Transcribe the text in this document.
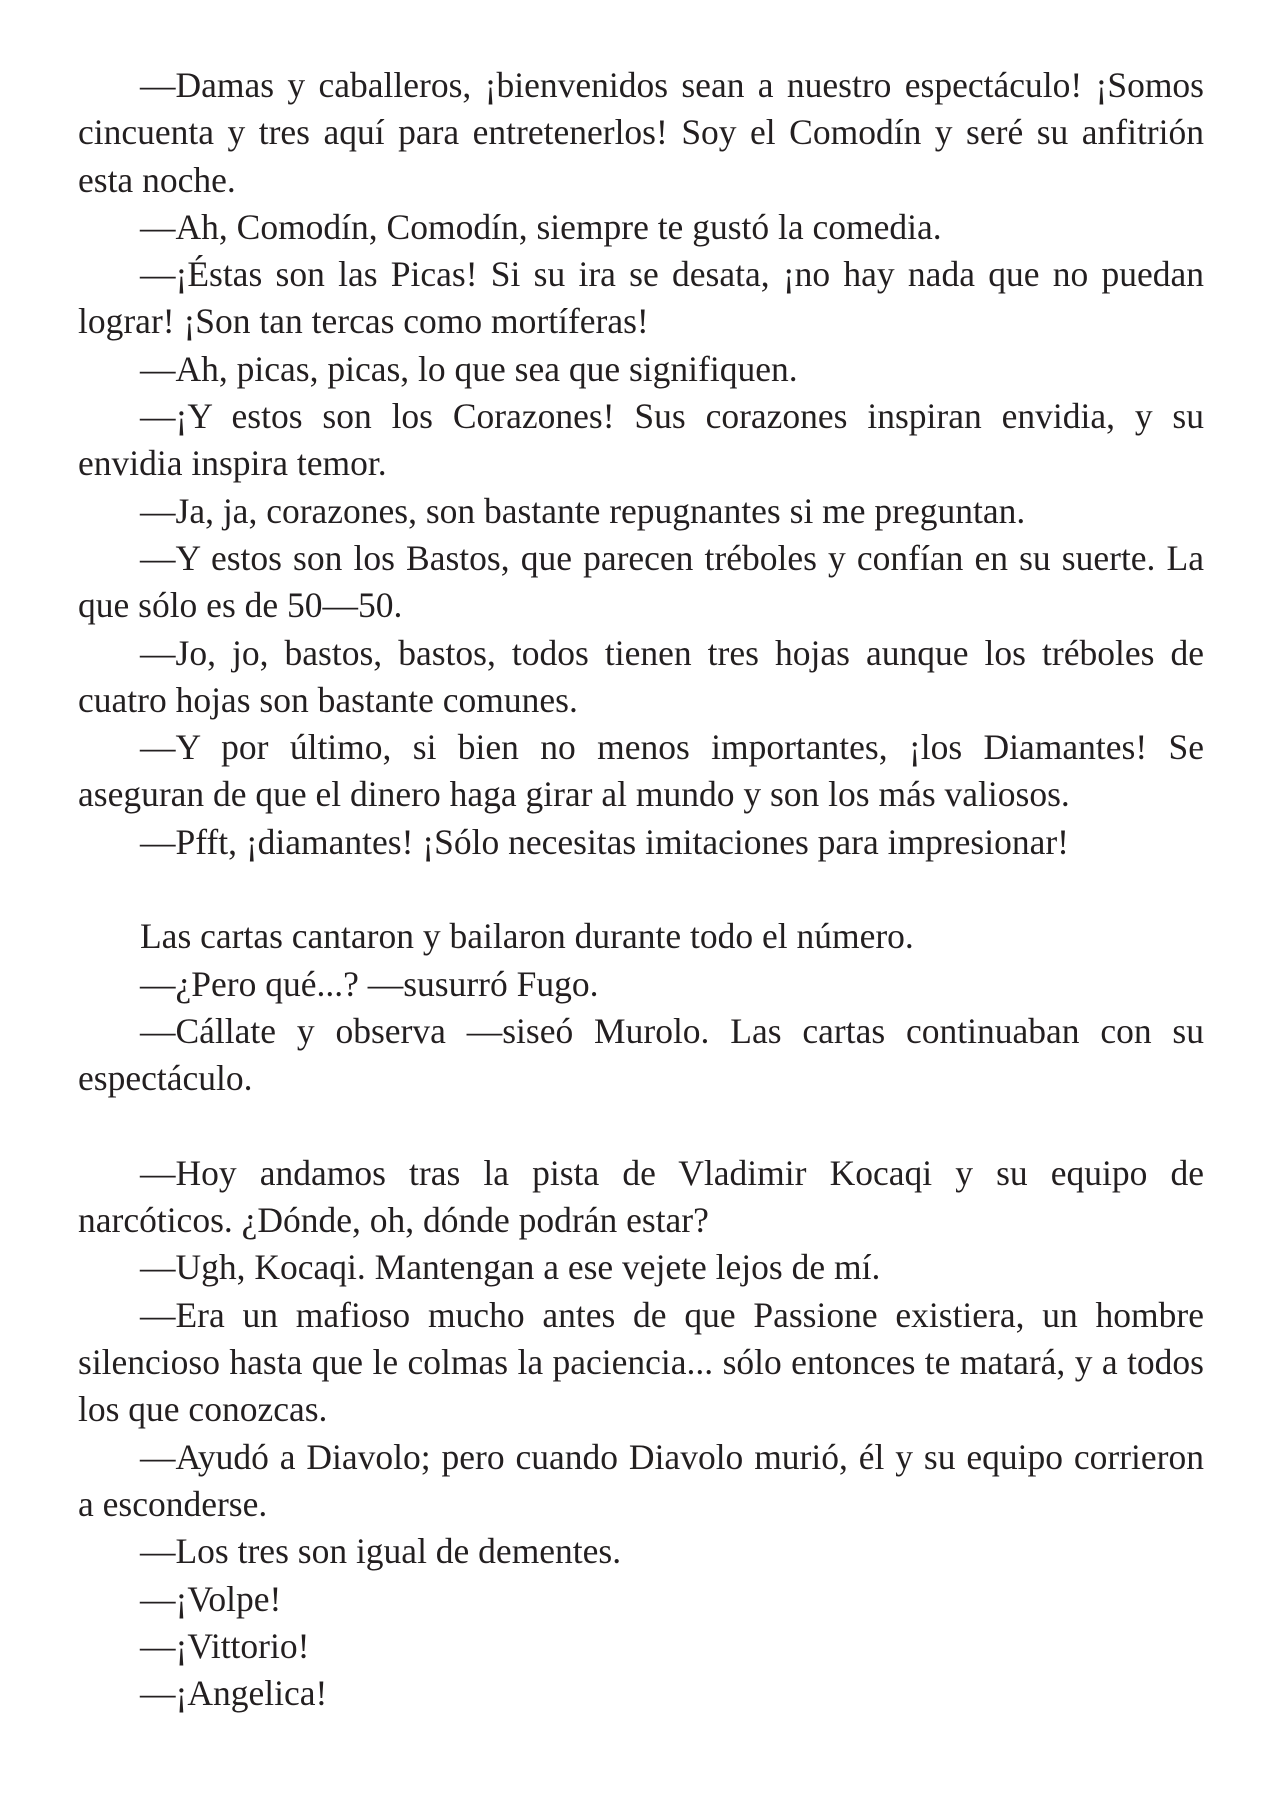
—Damas y caballeros, ¡bienvenidos sean a nuestro espectáculo! ¡Somos cincuenta y tres aquí para entretenerlos! Soy el Comodín y seré su anfitrión esta noche.

—Ah, Comodín, Comodín, siempre te gustó la comedia.

—¡Éstas son las Picas! Si su ira se desata, ¡no hay nada que no puedan lograr! ¡Son tan tercas como mortíferas!

—Ah, picas, picas, lo que sea que signifiquen.

—¡Y estos son los Corazones! Sus corazones inspiran envidia, y su envidia inspira temor.

—Ja, ja, corazones, son bastante repugnantes si me preguntan.

—Y estos son los Bastos, que parecen tréboles y confían en su suerte. La que sólo es de 50—50.

—Jo, jo, bastos, bastos, todos tienen tres hojas aunque los tréboles de cuatro hojas son bastante comunes.

—Y por último, si bien no menos importantes, ¡los Diamantes! Se aseguran de que el dinero haga girar al mundo y son los más valiosos.

—Pfft, ¡diamantes! ¡Sólo necesitas imitaciones para impresionar!

Las cartas cantaron y bailaron durante todo el número.

—¿Pero qué...? —susurró Fugo.

—Cállate y observa —siseó Murolo. Las cartas continuaban con su espectáculo.

—Hoy andamos tras la pista de Vladimir Kocaqi y su equipo de narcóticos. ¿Dónde, oh, dónde podrán estar?

—Ugh, Kocaqi. Mantengan a ese vejete lejos de mí.

—Era un mafioso mucho antes de que Passione existiera, un hombre silencioso hasta que le colmas la paciencia... sólo entonces te matará, y a todos los que conozcas.

—Ayudó a Diavolo; pero cuando Diavolo murió, él y su equipo corrieron a esconderse.

—Los tres son igual de dementes.

—¡Volpe!

—¡Vittorio!

—¡Angelica!
